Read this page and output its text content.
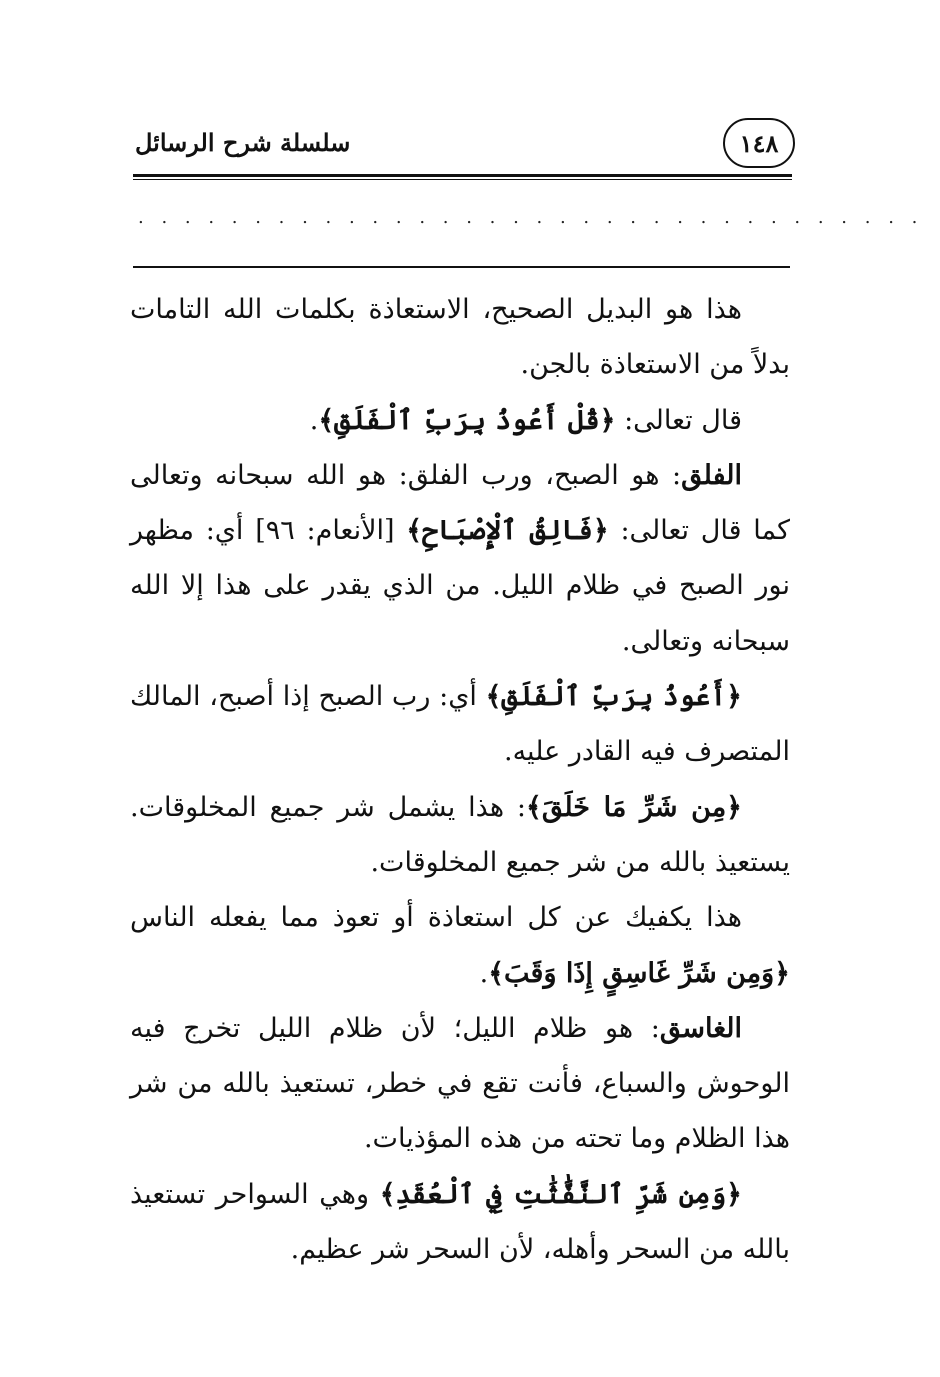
١٤٨
سلسلة شرح الرسائل
. . . . . . . . . . . . . . . . . . . . . . . . . . . . . . . . . .

هذا هو البديل الصحيح، الاستعاذة بكلمات الله التامات بدلاً من الاستعاذة بالجن.

قال تعالى: ﴿قُلْ أَعُوذُ بِرَبِّ ٱلْفَلَقِ﴾.

الفلق: هو الصبح، ورب الفلق: هو الله سبحانه وتعالى كما قال تعالى: ﴿فَالِقُ ٱلْإِصْبَاحِ﴾ [الأنعام: ٩٦] أي: مظهر نور الصبح في ظلام الليل. من الذي يقدر على هذا إلا الله سبحانه وتعالى.

﴿أَعُوذُ بِرَبِّ ٱلْفَلَقِ﴾ أي: رب الصبح إذا أصبح، المالك المتصرف فيه القادر عليه.

﴿مِن شَرِّ مَا خَلَقَ﴾: هذا يشمل شر جميع المخلوقات. يستعيذ بالله من شر جميع المخلوقات.

هذا يكفيك عن كل استعاذة أو تعوذ مما يفعله الناس ﴿وَمِن شَرِّ غَاسِقٍ إِذَا وَقَبَ﴾.

الغاسق: هو ظلام الليل؛ لأن ظلام الليل تخرج فيه الوحوش والسباع، فأنت تقع في خطر، تستعيذ بالله من شر هذا الظلام وما تحته من هذه المؤذيات.

﴿وَمِن شَرِّ ٱلنَّفَّٰثَٰتِ فِي ٱلْعُقَدِ﴾ وهي السواحر تستعيذ بالله من السحر وأهله، لأن السحر شر عظيم.
